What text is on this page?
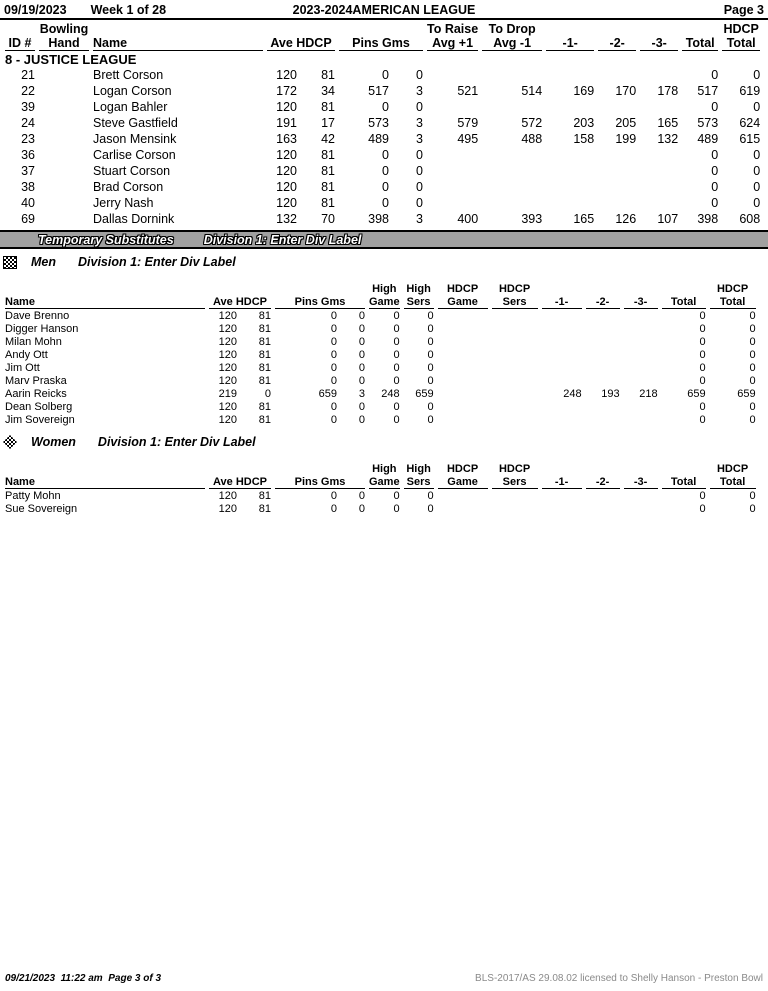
09/19/2023 Week 1 of 28	2023-2024AMERICAN LEAGUE	Page 3
	Bowling						To Raise	To Drop					HDCP
ID #	Hand	Name	Ave HDCP		Pins Gms		Avg +1	Avg -1	-1-	-2-	-3-	Total	Total
8 - JUSTICE LEAGUE													
21		Brett Corson	120	81	0	0						0	0
22		Logan Corson	172	34	517	3	521	514	169	170	178	517	619
39		Logan Bahler	120	81	0	0						0	0
24		Steve Gastfield	191	17	573	3	579	572	203	205	165	573	624
23		Jason Mensink	163	42	489	3	495	488	158	199	132	489	615
36		Carlise Corson	120	81	0	0						0	0
37		Stuart Corson	120	81	0	0						0	0
38		Brad Corson	120	81	0	0						0	0
40		Jerry Nash	120	81	0	0						0	0
69		Dallas Dornink	132	70	398	3	400	393	165	126	107	398	608
Temporary Substitutes Division 1: Enter Div Label
Men Division 1: Enter Div Label
					High	High	HDCP	HDCP					HDCP
Name	Ave HDCP		Pins Gms		Game	Sers	Game	Sers	-1-	-2-	-3-	Total	Total
Dave Brenno	120	81	0	0	0	0						0	0
Digger Hanson	120	81	0	0	0	0						0	0
Milan Mohn	120	81	0	0	0	0						0	0
Andy Ott	120	81	0	0	0	0						0	0
Jim Ott	120	81	0	0	0	0						0	0
Marv Praska	120	81	0	0	0	0						0	0
Aarin Reicks	219	0	659	3	248	659			248	193	218	659	659
Dean Solberg	120	81	0	0	0	0						0	0
Jim Sovereign	120	81	0	0	0	0						0	0
Women Division 1: Enter Div Label
					High	High	HDCP	HDCP					HDCP
Name	Ave HDCP		Pins Gms		Game	Sers	Game	Sers	-1-	-2-	-3-	Total	Total
Patty Mohn	120	81	0	0	0	0						0	0
Sue Sovereign	120	81	0	0	0	0						0	0
09/21/2023  11:22 am  Page 3 of 3	BLS-2017/AS 29.08.02 licensed to Shelly Hanson - Preston Bowl
